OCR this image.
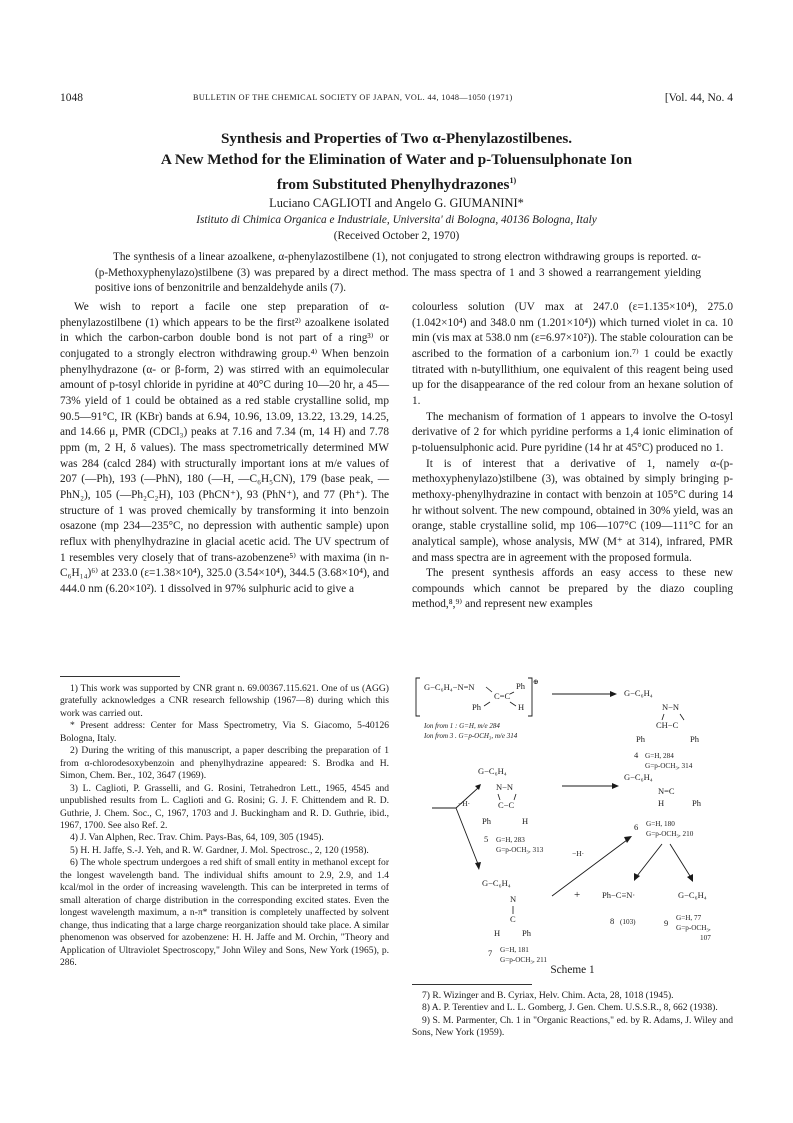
1048	BULLETIN OF THE CHEMICAL SOCIETY OF JAPAN, VOL. 44, 1048—1050 (1971)	[Vol. 44, No. 4
Synthesis and Properties of Two α-Phenylazostilbenes.
A New Method for the Elimination of Water and p-Toluensulphonate Ion
from Substituted Phenylhydrazones$^{1)}$
Luciano CAGLIOTI and Angelo G. GIUMANINI*
Istituto di Chimica Organica e Industriale, Universita' di Bologna, 40136 Bologna, Italy
(Received October 2, 1970)

The synthesis of a linear azoalkene, α-phenylazostilbene (1), not conjugated to strong electron withdrawing groups is reported. α-(p-Methoxyphenylazo)stilbene (3) was prepared by a direct method. The mass spectra of 1 and 3 showed a rearrangement yielding positive ions of benzonitrile and benzaldehyde anils (7).

We wish to report a facile one step preparation of α-phenylazostilbene (1) which appears to be the first²⁾ azoalkene isolated in which the carbon-carbon double bond is not part of a ring³⁾ or conjugated to a strongly electron withdrawing group.⁴⁾ When benzoin phenylhydrazone (α- or β-form, 2) was stirred with an equimolecular amount of p-tosyl chloride in pyridine at 40°C during 10—20 hr, a 45—73% yield of 1 could be obtained as a red stable crystalline solid, mp 90.5—91°C, IR (KBr) bands at 6.94, 10.96, 13.09, 13.22, 13.29, 14.25, and 14.66 μ, PMR (CDCl₃) peaks at 7.16 and 7.34 (m, 14 H) and 7.78 ppm (m, 2 H, δ values). The mass spectrometrically determined MW was 284 (calcd 284) with structurally important ions at m/e values of 207 (—Ph), 193 (—PhN), 180 (—H, —C₆H₅CN), 179 (base peak, —PhN₂), 105 (—Ph₂C₂H), 103 (PhCN⁺), 93 (PhN⁺), and 77 (Ph⁺). The structure of 1 was proved chemically by transforming it into benzoin osazone (mp 234—235°C, no depression with authentic sample) upon reflux with phenylhydrazine in glacial acetic acid. The UV spectrum of 1 resembles very closely that of trans-azobenzene⁵⁾ with maxima (in n-C₆H₁₄)⁶⁾ at 233.0 (ε=1.38×10⁴), 325.0 (3.54×10⁴), 344.5 (3.68×10⁴), and 444.0 nm (6.20×10²). 1 dissolved in 97% sulphuric acid to give a

colourless solution (UV max at 247.0 (ε=1.135×10⁴), 275.0 (1.042×10⁴) and 348.0 nm (1.201×10⁴)) which turned violet in ca. 10 min (vis max at 538.0 nm (ε=6.97×10²)). The stable colouration can be ascribed to the formation of a carbonium ion.⁷⁾ 1 could be exactly titrated with n-butyllithium, one equivalent of this reagent being used up for the disappearance of the red colour from an hexane solution of 1.

The mechanism of formation of 1 appears to involve the O-tosyl derivative of 2 for which pyridine performs a 1,4 ionic elimination of p-toluensulphonic acid. Pure pyridine (14 hr at 45°C) produced no 1.

It is of interest that a derivative of 1, namely α-(p-methoxyphenylazo)stilbene (3), was obtained by simply bringing p-methoxy-phenylhydrazine in contact with benzoin at 105°C during 14 hr without solvent. The new compound, obtained in 30% yield, was an orange, stable crystalline solid, mp 106—107°C (109—111°C for an analytical sample), whose analysis, MW (M⁺ at 314), infrared, PMR and mass spectra are in agreement with the proposed formula.

The present synthesis affords an easy access to these new compounds which cannot be prepared by the diazo coupling method,⁸,⁹⁾ and represent new examples

1) This work was supported by CNR grant n. 69.00367.115.621. One of us (AGG) gratefully acknowledges a CNR research fellowship (1967—8) during which this work was carried out.

* Present address: Center for Mass Spectrometry, Via S. Giacomo, 5-40126 Bologna, Italy.

2) During the writing of this manuscript, a paper describing the preparation of 1 from α-chlorodesoxybenzoin and phenylhydrazine appeared: S. Brodka and H. Simon, Chem. Ber., 102, 3647 (1969).

3) L. Caglioti, P. Grasselli, and G. Rosini, Tetrahedron Lett., 1965, 4545 and unpublished results from L. Caglioti and G. Rosini; G. J. F. Chittendem and R. D. Guthrie, J. Chem. Soc., C, 1967, 1703 and J. Buckingham and R. D. Guthrie, ibid., 1967, 1700. See also Ref. 2.

4) J. Van Alphen, Rec. Trav. Chim. Pays-Bas, 64, 109, 305 (1945).

5) H. H. Jaffe, S.-J. Yeh, and R. W. Gardner, J. Mol. Spectrosc., 2, 120 (1958).

6) The whole spectrum undergoes a red shift of small entity in methanol except for the longest wavelength band. The individual shifts amount to 2.9, 2.9, and 1.4 kcal/mol in the order of increasing wavelength. This can be interpreted in terms of small alteration of charge distribution in the corresponding excited states. Even the longest wavelength maximum, a n-π* transition is completely unaffected by solvent change, thus indicating that a large charge reorganization should take place. A similar phenomenon was observed for azobenzene: H. H. Jaffe and M. Orchin, "Theory and Application of Ultraviolet Spectroscopy," John Wiley and Sons, New York (1965), p. 286.

G−C₆H₄−N=N
C=C
Ph
Ph	H
⊕
Ion from 1 : G=H, m/e 284
Ion from 3 . G=p-OCH₃, m/e 314
G−C₆H₄
N−N
CH−C
Ph	Ph
4 G=H, 284
G=p-OCH₃, 314
G−C₆H₄
N−N
C−C
Ph	H
5 G=H, 283
G=p-OCH₃, 313
−H·
G−C₆H₄
N=C
H	Ph
6 G=H, 180
G=p-OCH₃, 210
−H·
G−C₆H₄
N
C
H	Ph
7 G=H, 181
G=p-OCH₃, 211
+	Ph−C≡N·
8 (103)
G−C₆H₄
9 G=H, 77
G=p-OCH₃,
107
Scheme 1

7) R. Wizinger and B. Cyriax, Helv. Chim. Acta, 28, 1018 (1945).

8) A. P. Terentiev and L. L. Gomberg, J. Gen. Chem. U.S.S.R., 8, 662 (1938).

9) S. M. Parmenter, Ch. 1 in "Organic Reactions," ed. by R. Adams, J. Wiley and Sons, New York (1959).
